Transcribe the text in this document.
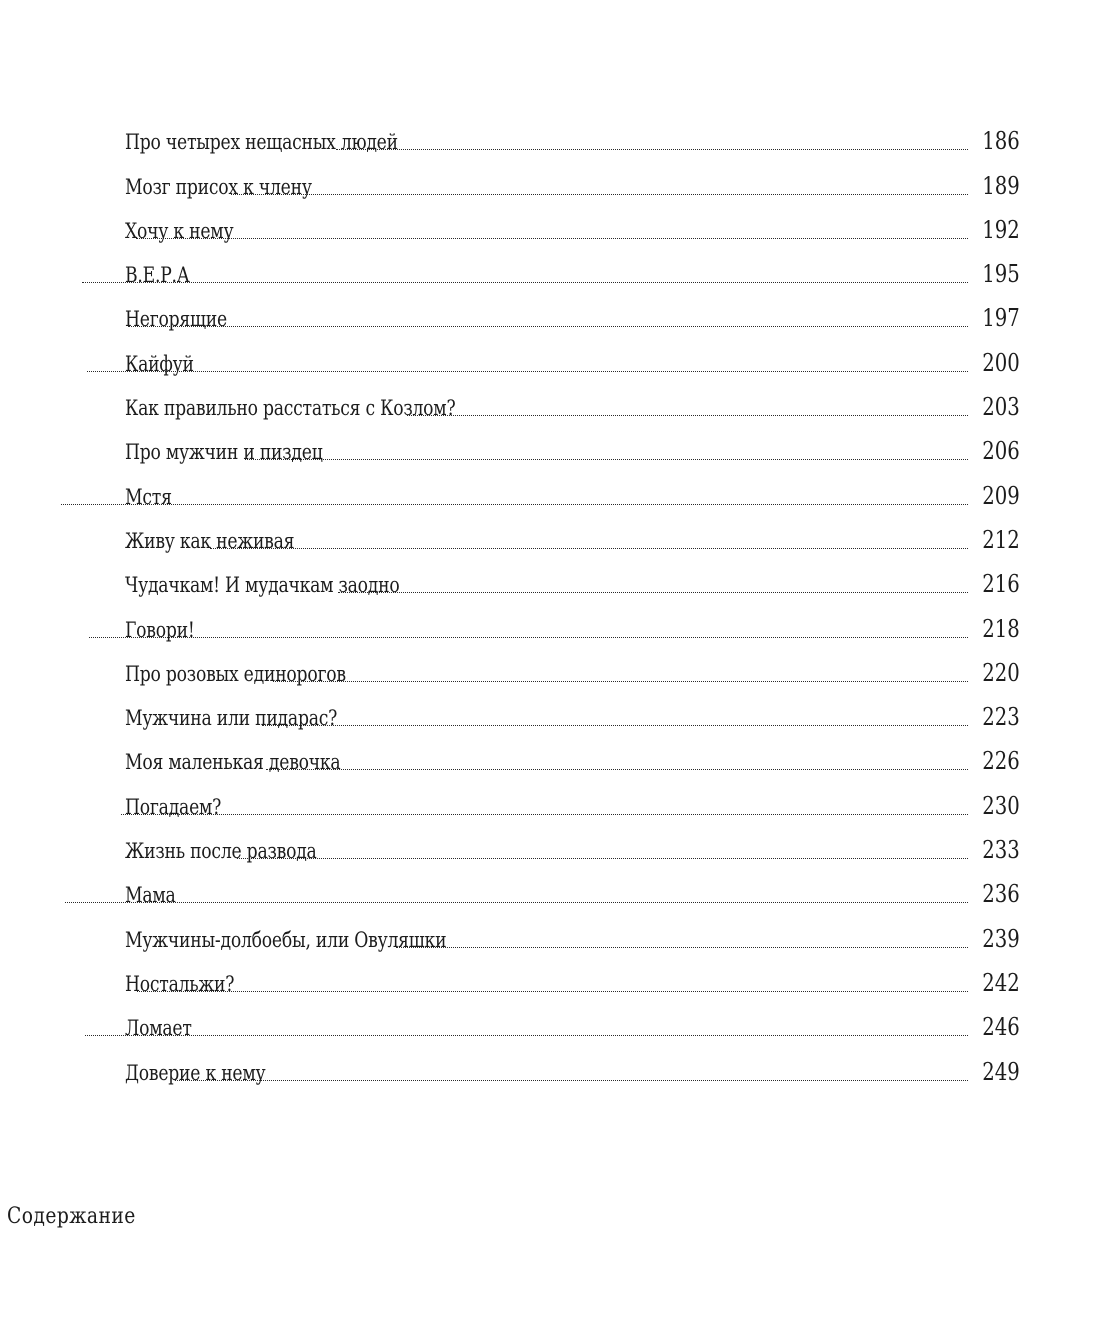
Про четырех нещасных людей	186
Мозг присох к члену	189
Хочу к нему	192
В.Е.Р.А	195
Негорящие	197
Кайфуй	200
Как правильно расстаться с Козлом?	203
Про мужчин и пиздец	206
Мстя	209
Живу как неживая	212
Чудачкам! И мудачкам заодно	216
Говори!	218
Про розовых единорогов	220
Мужчина или пидарас?	223
Моя маленькая девочка	226
Погадаем?	230
Жизнь после развода	233
Мама	236
Мужчины-долбоебы, или Овуляшки	239
Ностальжи?	242
Ломает	246
Доверие к нему	249
Содержание
